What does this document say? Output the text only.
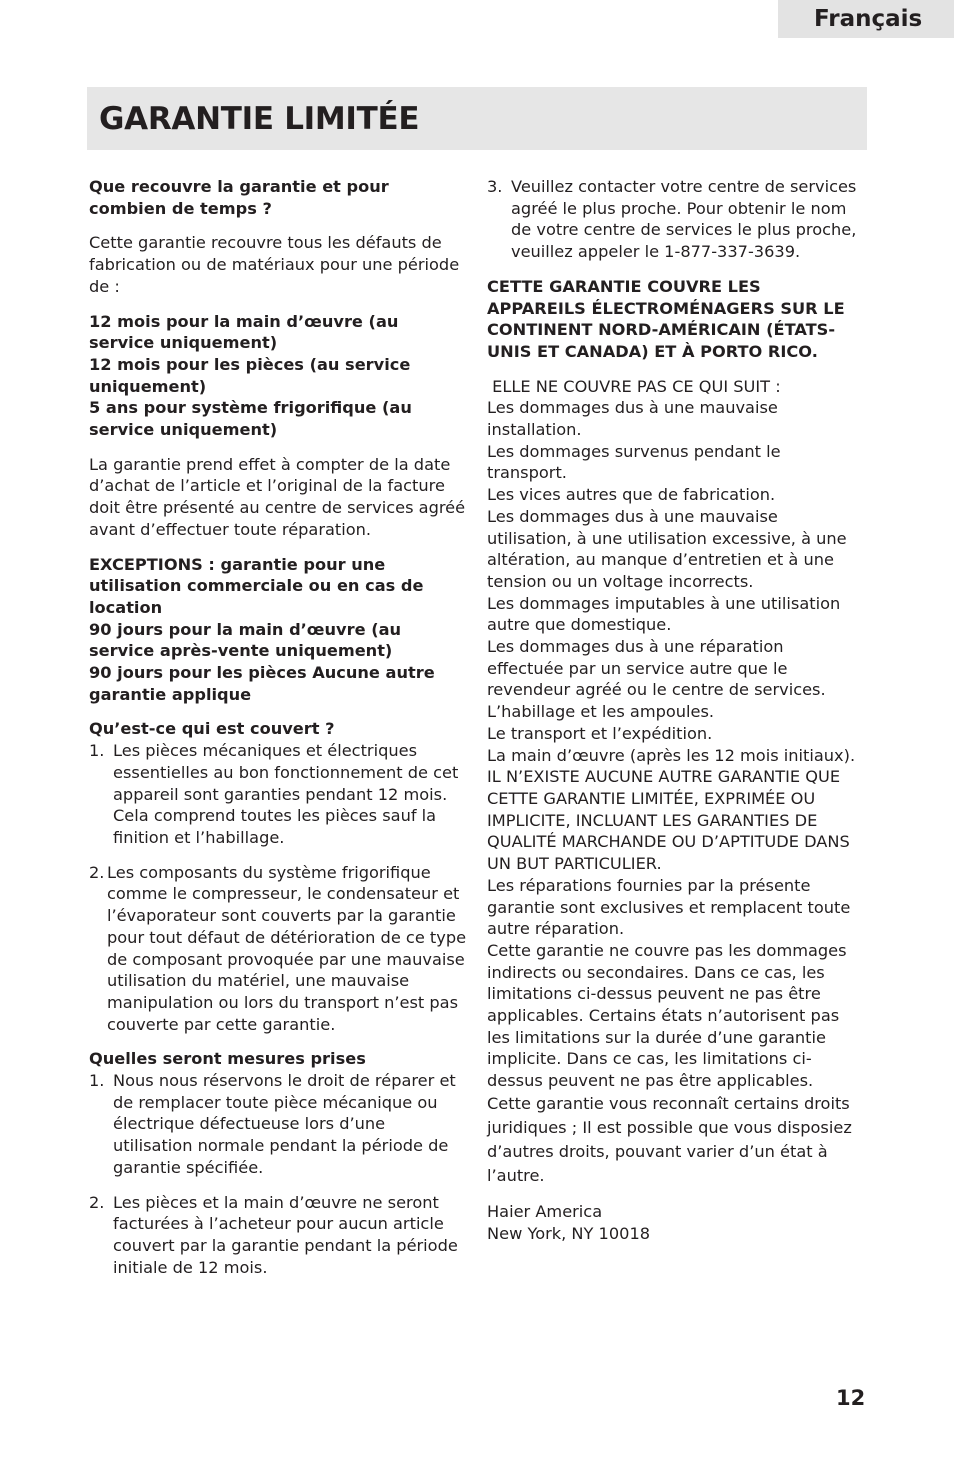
Français
GARANTIE LIMITÉE

Que recouvre la garantie et pour combien de temps ?

Cette garantie recouvre tous les défauts de fabrication ou de matériaux pour une période de :

12 mois pour la main d’œuvre (au service uniquement)
12 mois pour les pièces (au service uniquement)
5 ans pour système frigorifique (au service uniquement)

La garantie prend effet à compter de la date d’achat de l’article et l’original de la facture doit être présenté au centre de services agréé avant d’effectuer toute réparation.

EXCEPTIONS : garantie pour une utilisation commerciale ou en cas de location
90 jours pour la main d’œuvre (au service après-vente uniquement)
90 jours pour les pièces Aucune autre
garantie applique

Qu’est-ce qui est couvert ?

1. Les pièces mécaniques et électriques essentielles au bon fonctionnement de cet appareil sont garanties pendant 12 mois. Cela comprend toutes les pièces sauf la finition et l’habillage.
2. Les composants du système frigorifique comme le compresseur, le condensateur et l’évaporateur sont couverts par la garantie pour tout défaut de détérioration de ce type de composant provoquée par une mauvaise utilisation du matériel, une mauvaise manipulation ou lors du transport n’est pas couverte par cette garantie.

Quelles seront mesures prises

1. Nous nous réservons le droit de réparer et de remplacer toute pièce mécanique ou électrique défectueuse lors d’une utilisation normale pendant la période de garantie spécifiée.
2. Les pièces et la main d’œuvre ne seront facturées à l’acheteur pour aucun article couvert par la garantie pendant la période initiale de 12 mois.
3. Veuillez contacter votre centre de services agréé le plus proche. Pour obtenir le nom de votre centre de services le plus proche, veuillez appeler le 1-877-337-3639.

CETTE GARANTIE COUVRE LES APPAREILS ÉLECTROMÉNAGERS SUR LE CONTINENT NORD-AMÉRICAIN (ÉTATS-UNIS ET CANADA) ET À PORTO RICO.

ELLE NE COUVRE PAS CE QUI SUIT :
Les dommages dus à une mauvaise installation.
Les dommages survenus pendant le transport.
Les vices autres que de fabrication.
Les dommages dus à une mauvaise utilisation, à une utilisation excessive, à une altération, au manque d’entretien et à une tension ou un voltage incorrects.
Les dommages imputables à une utilisation autre que domestique.
Les dommages dus à une réparation effectuée par un service autre que le revendeur agréé ou le centre de services.
L’habillage et les ampoules.
Le transport et l’expédition.
La main d’œuvre (après les 12 mois initiaux).
IL N’EXISTE AUCUNE AUTRE GARANTIE QUE CETTE GARANTIE LIMITÉE, EXPRIMÉE OU IMPLICITE, INCLUANT LES GARANTIES DE QUALITÉ MARCHANDE OU D’APTITUDE DANS UN BUT PARTICULIER.
Les réparations fournies par la présente garantie sont exclusives et remplacent toute autre réparation.
Cette garantie ne couvre pas les dommages indirects ou secondaires. Dans ce cas, les limitations ci-dessus peuvent ne pas être applicables. Certains états n’autorisent pas les limitations sur la durée d’une garantie implicite. Dans ce cas, les limitations ci-dessus peuvent ne pas être applicables.
Cette garantie vous reconnaît certains droits juridiques ; Il est possible que vous disposiez d’autres droits, pouvant varier d’un état à l’autre.
Haier America
New York, NY 10018
12
